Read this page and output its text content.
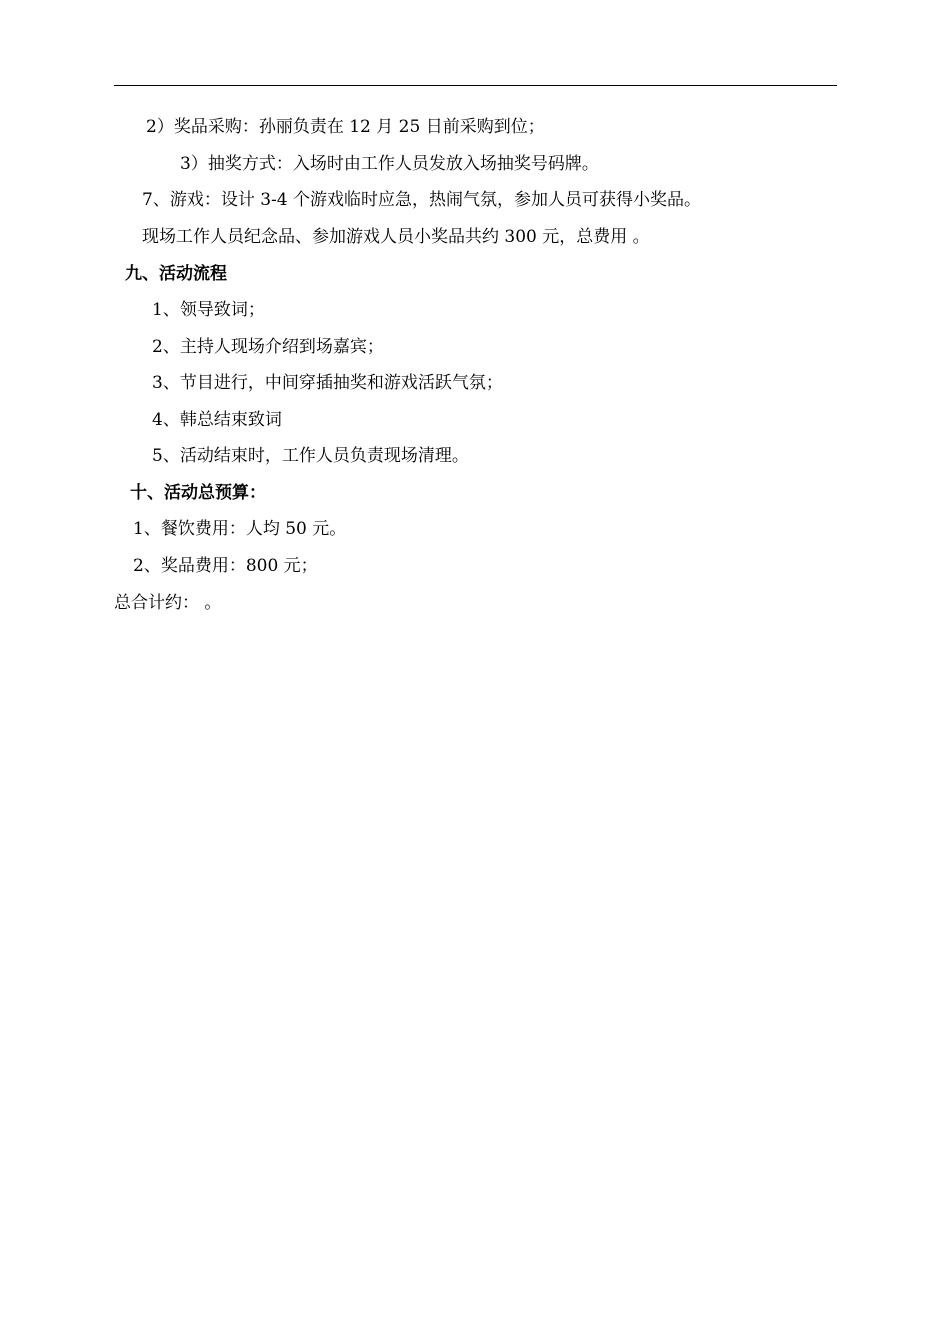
2）奖品采购：孙丽负责在 12 月 25 日前采购到位；
3）抽奖方式：入场时由工作人员发放入场抽奖号码牌。
7、游戏：设计 3-4 个游戏临时应急，热闹气氛，参加人员可获得小奖品。
现场工作人员纪念品、参加游戏人员小奖品共约 300 元，总费用 。
九、活动流程
1、领导致词；
2、主持人现场介绍到场嘉宾；
3、节目进行，中间穿插抽奖和游戏活跃气氛；
4、韩总结束致词
5、活动结束时，工作人员负责现场清理。
十、活动总预算：
1、餐饮费用：人均 50 元。
2、奖品费用：800 元；
总合计约： 。
